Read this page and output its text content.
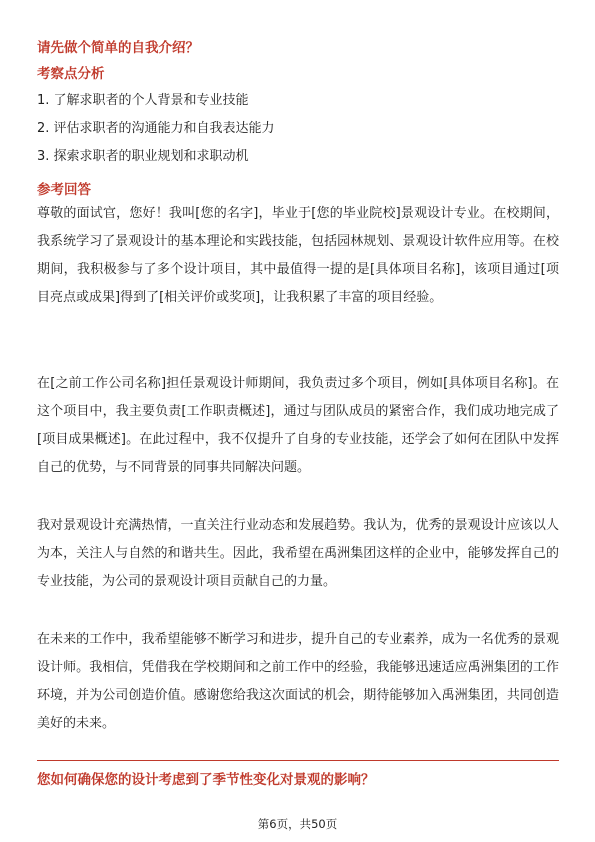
请先做个简单的自我介绍？
考察点分析
1. 了解求职者的个人背景和专业技能
2. 评估求职者的沟通能力和自我表达能力
3. 探索求职者的职业规划和求职动机
参考回答
尊敬的面试官，您好！我叫[您的名字]，毕业于[您的毕业院校]景观设计专业。在校期间，我系统学习了景观设计的基本理论和实践技能，包括园林规划、景观设计软件应用等。在校期间，我积极参与了多个设计项目，其中最值得一提的是[具体项目名称]，该项目通过[项目亮点或成果]得到了[相关评价或奖项]，让我积累了丰富的项目经验。
在[之前工作公司名称]担任景观设计师期间，我负责过多个项目，例如[具体项目名称]。在这个项目中，我主要负责[工作职责概述]，通过与团队成员的紧密合作，我们成功地完成了[项目成果概述]。在此过程中，我不仅提升了自身的专业技能，还学会了如何在团队中发挥自己的优势，与不同背景的同事共同解决问题。
我对景观设计充满热情，一直关注行业动态和发展趋势。我认为，优秀的景观设计应该以人为本，关注人与自然的和谐共生。因此，我希望在禹洲集团这样的企业中，能够发挥自己的专业技能，为公司的景观设计项目贡献自己的力量。
在未来的工作中，我希望能够不断学习和进步，提升自己的专业素养，成为一名优秀的景观设计师。我相信，凭借我在学校期间和之前工作中的经验，我能够迅速适应禹洲集团的工作环境，并为公司创造价值。感谢您给我这次面试的机会，期待能够加入禹洲集团，共同创造美好的未来。
您如何确保您的设计考虑到了季节性变化对景观的影响？
第6页，共50页
